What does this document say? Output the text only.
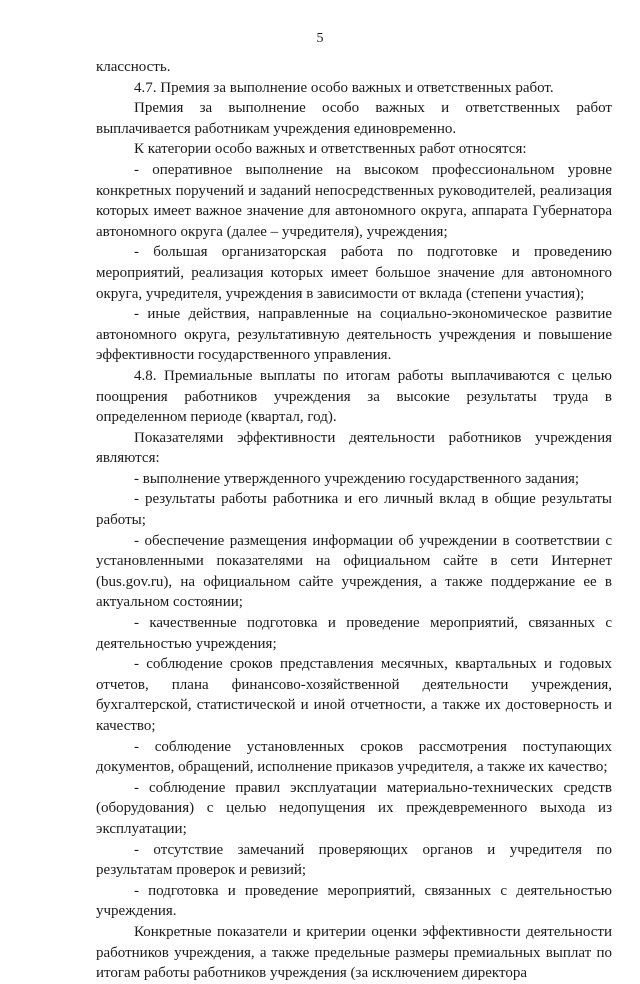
5

классность.

4.7. Премия за выполнение особо важных и ответственных работ.

Премия за выполнение особо важных и ответственных работ выплачивается работникам учреждения единовременно.

К категории особо важных и ответственных работ относятся:

- оперативное выполнение на высоком профессиональном уровне конкретных поручений и заданий непосредственных руководителей, реализация которых имеет важное значение для автономного округа, аппарата Губернатора автономного округа (далее – учредителя), учреждения;

- большая организаторская работа по подготовке и проведению мероприятий, реализация которых имеет большое значение для автономного округа, учредителя, учреждения в зависимости от вклада (степени участия);

- иные действия, направленные на социально-экономическое развитие автономного округа, результативную деятельность учреждения и повышение эффективности государственного управления.

4.8. Премиальные выплаты по итогам работы выплачиваются с целью поощрения работников учреждения за высокие результаты труда в определенном периоде (квартал, год).

Показателями эффективности деятельности работников учреждения являются:

- выполнение утвержденного учреждению государственного задания;

- результаты работы работника и его личный вклад в общие результаты работы;

- обеспечение размещения информации об учреждении в соответствии с установленными показателями на официальном сайте в сети Интернет (bus.gov.ru), на официальном сайте учреждения, а также поддержание ее в актуальном состоянии;

- качественные подготовка и проведение мероприятий, связанных с деятельностью учреждения;

- соблюдение сроков представления месячных, квартальных и годовых отчетов, плана финансово-хозяйственной деятельности учреждения, бухгалтерской, статистической и иной отчетности, а также их достоверность и качество;

- соблюдение установленных сроков рассмотрения поступающих документов, обращений, исполнение приказов учредителя, а также их качество;

- соблюдение правил эксплуатации материально-технических средств (оборудования) с целью недопущения их преждевременного выхода из эксплуатации;

- отсутствие замечаний проверяющих органов и учредителя по результатам проверок и ревизий;

- подготовка и проведение мероприятий, связанных с деятельностью учреждения.

Конкретные показатели и критерии оценки эффективности деятельности работников учреждения, а также предельные размеры премиальных выплат по итогам работы работников учреждения (за исключением директора
